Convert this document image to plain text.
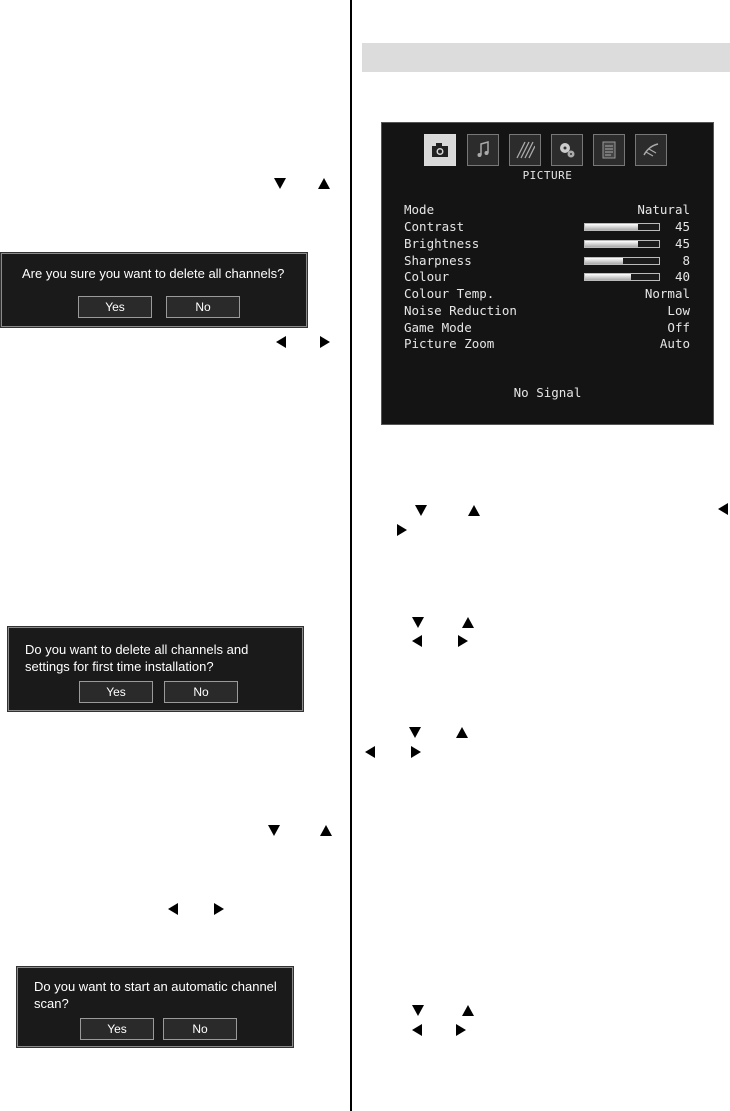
Are you sure you want to delete all channels?
Yes	No
Do you want to delete all channels and
settings for first time installation?
Yes	No
Do you want to start an automatic channel
scan?
Yes	No
PICTURE
Mode	Natural
Contrast	45
Brightness	45
Sharpness	8
Colour	40
Colour Temp.	Normal
Noise Reduction	Low
Game Mode	Off
Picture Zoom	Auto
No Signal
